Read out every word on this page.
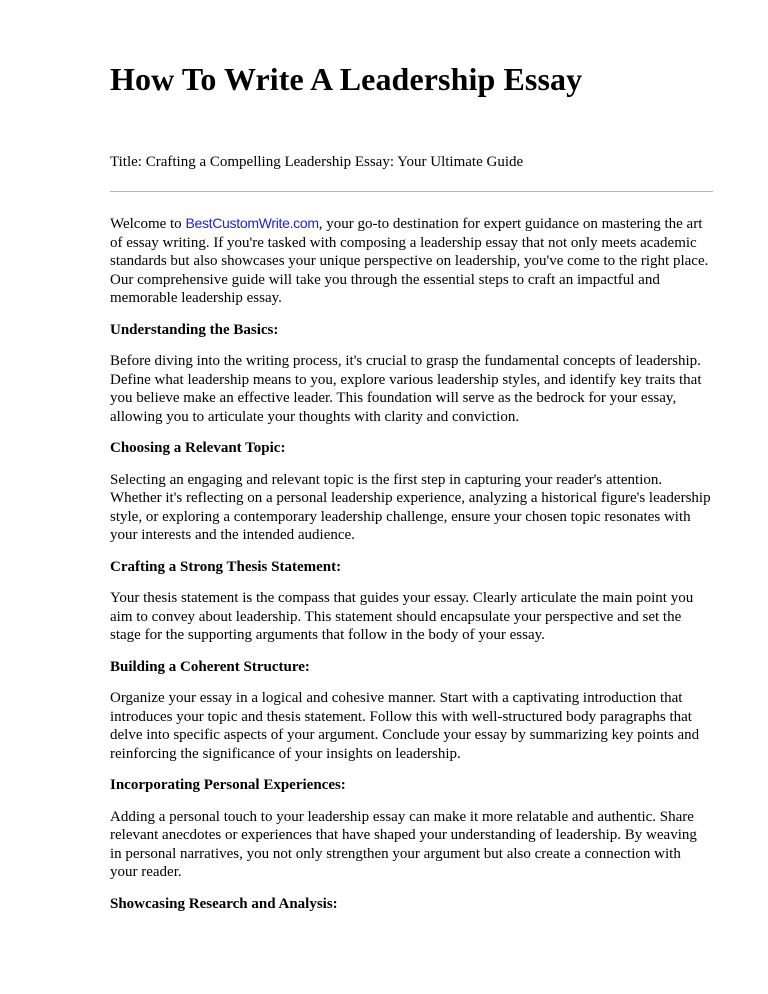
How To Write A Leadership Essay

Title: Crafting a Compelling Leadership Essay: Your Ultimate Guide

Welcome to BestCustomWrite.com, your go-to destination for expert guidance on mastering the art of essay writing. If you're tasked with composing a leadership essay that not only meets academic standards but also showcases your unique perspective on leadership, you've come to the right place. Our comprehensive guide will take you through the essential steps to craft an impactful and memorable leadership essay.

Understanding the Basics:

Before diving into the writing process, it's crucial to grasp the fundamental concepts of leadership. Define what leadership means to you, explore various leadership styles, and identify key traits that you believe make an effective leader. This foundation will serve as the bedrock for your essay, allowing you to articulate your thoughts with clarity and conviction.

Choosing a Relevant Topic:

Selecting an engaging and relevant topic is the first step in capturing your reader's attention. Whether it's reflecting on a personal leadership experience, analyzing a historical figure's leadership style, or exploring a contemporary leadership challenge, ensure your chosen topic resonates with your interests and the intended audience.

Crafting a Strong Thesis Statement:

Your thesis statement is the compass that guides your essay. Clearly articulate the main point you aim to convey about leadership. This statement should encapsulate your perspective and set the stage for the supporting arguments that follow in the body of your essay.

Building a Coherent Structure:

Organize your essay in a logical and cohesive manner. Start with a captivating introduction that introduces your topic and thesis statement. Follow this with well-structured body paragraphs that delve into specific aspects of your argument. Conclude your essay by summarizing key points and reinforcing the significance of your insights on leadership.

Incorporating Personal Experiences:

Adding a personal touch to your leadership essay can make it more relatable and authentic. Share relevant anecdotes or experiences that have shaped your understanding of leadership. By weaving in personal narratives, you not only strengthen your argument but also create a connection with your reader.

Showcasing Research and Analysis:
